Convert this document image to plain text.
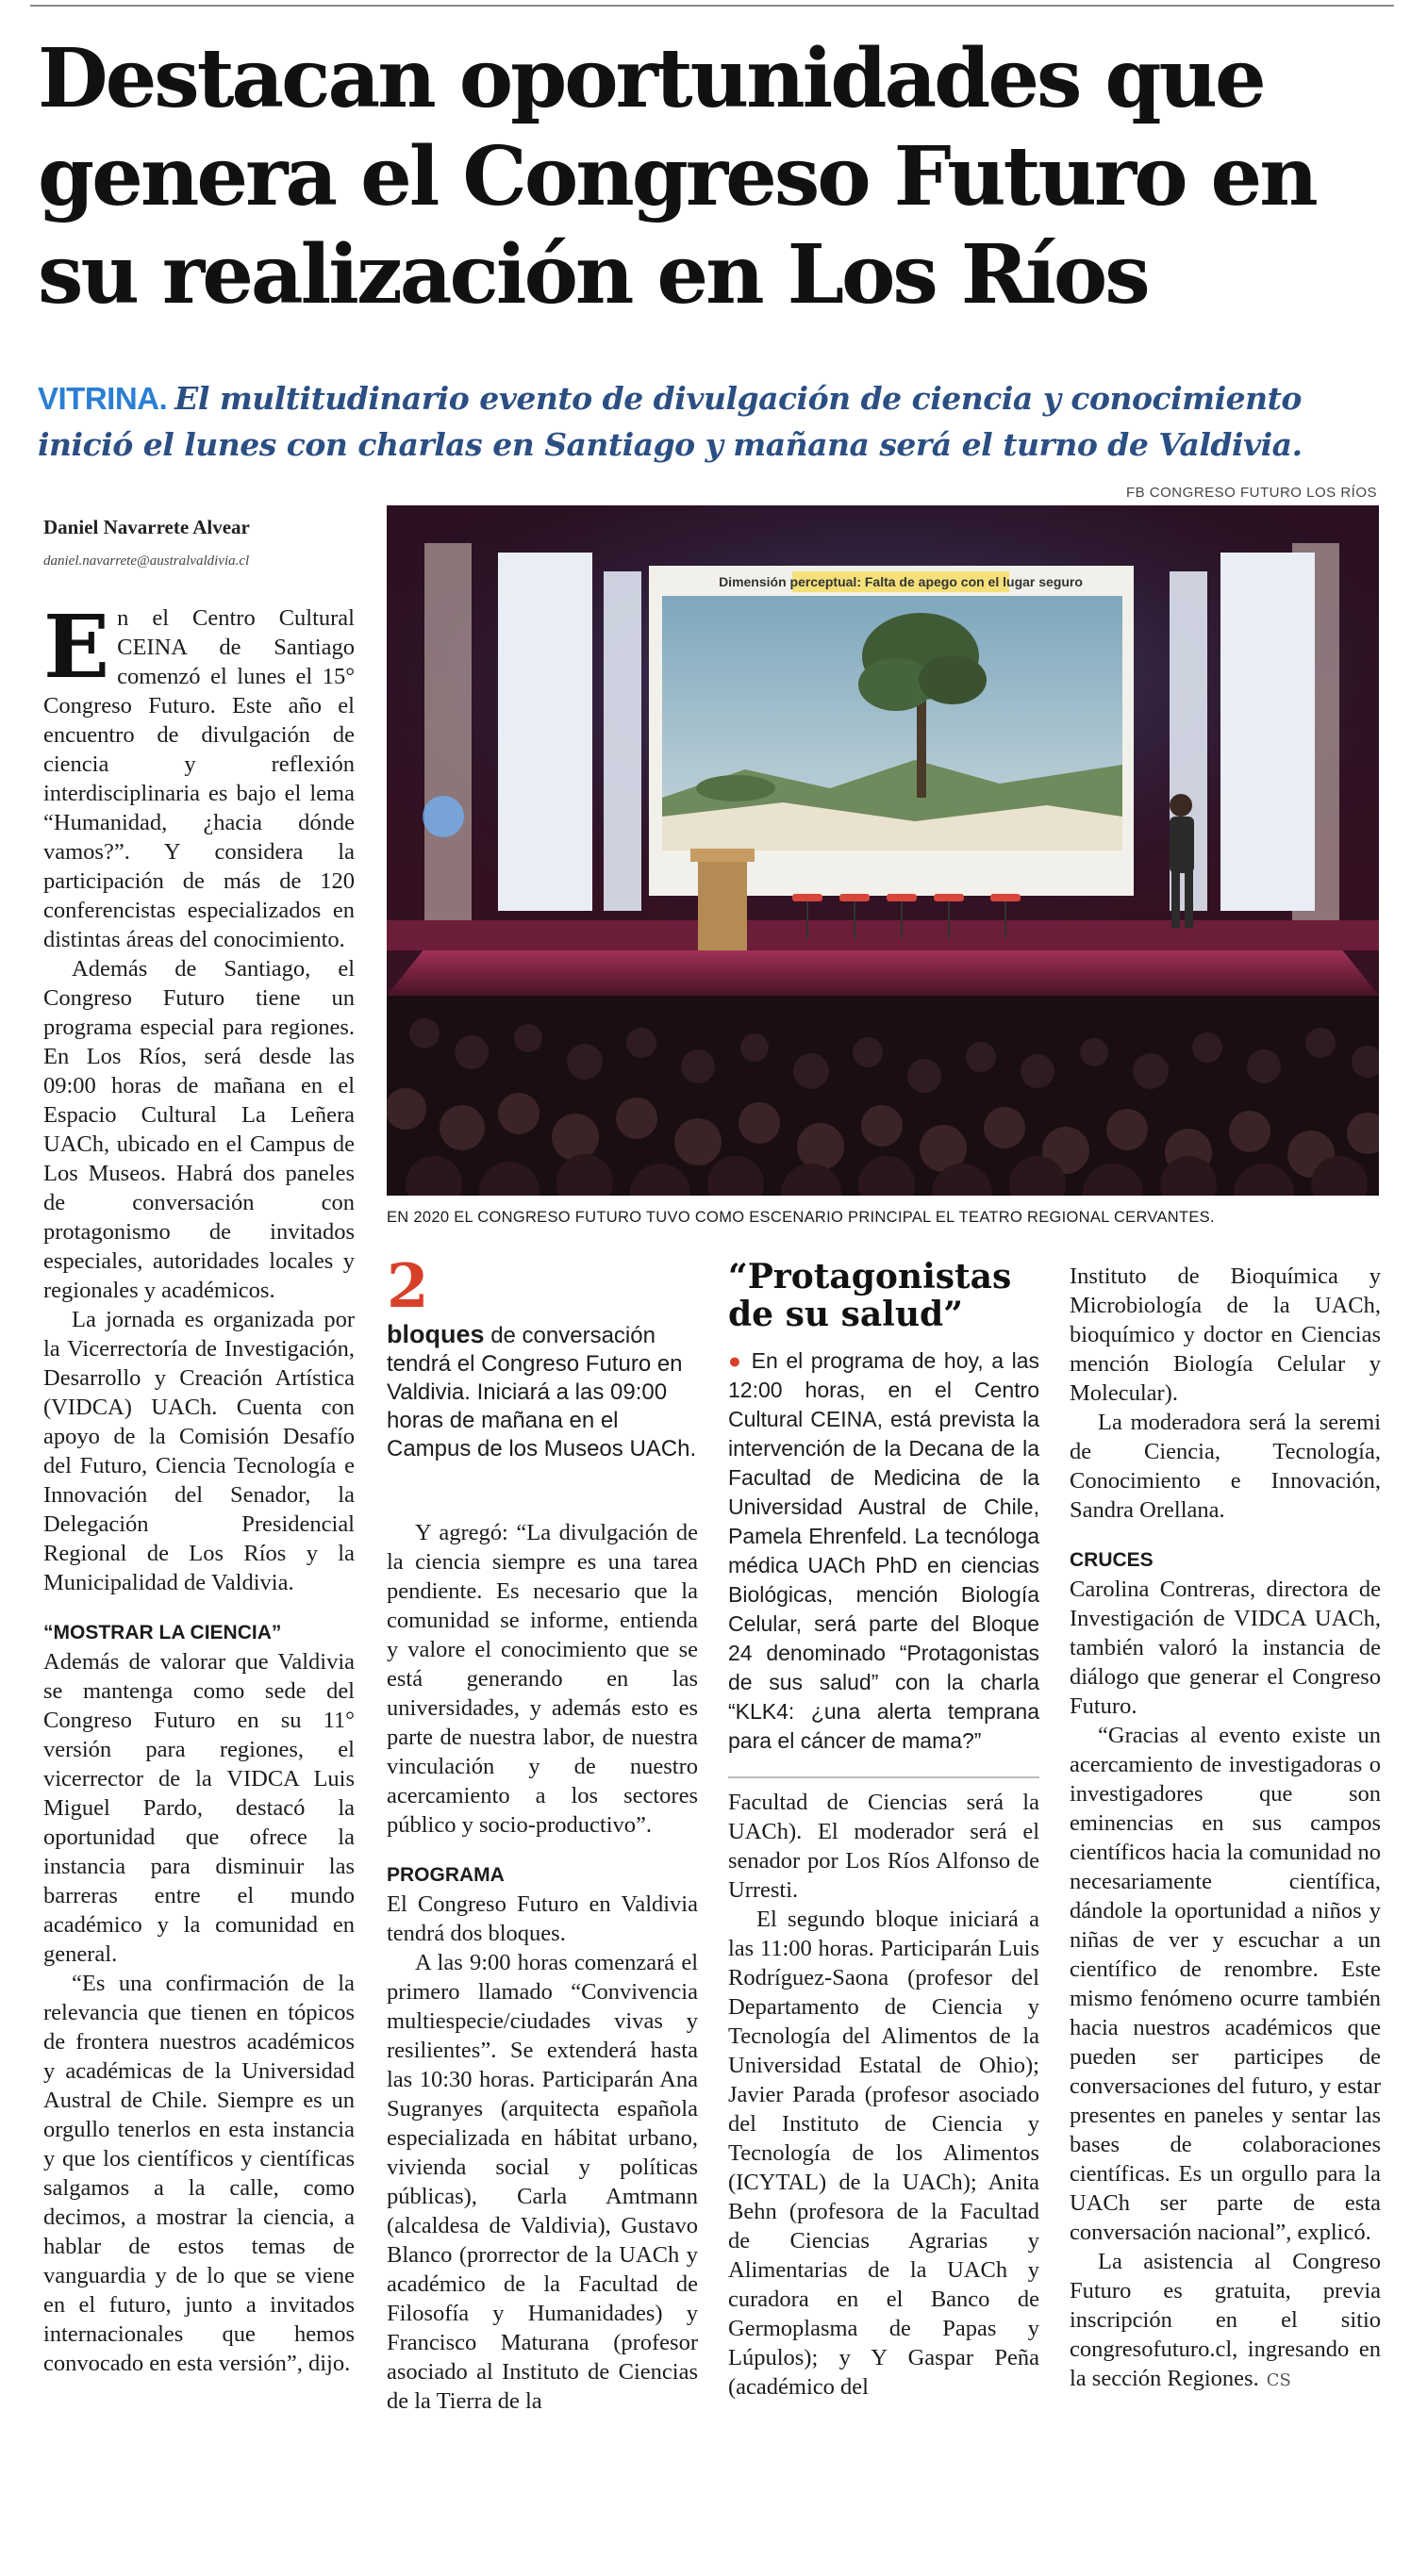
Destacan oportunidades que genera el Congreso Futuro en su realización en Los Ríos

VITRINA. El multitudinario evento de divulgación de ciencia y conocimiento inició el lunes con charlas en Santiago y mañana será el turno de Valdivia.

Daniel Navarrete Alvear
daniel.navarrete@australvaldivia.cl
FB CONGRESO FUTURO LOS RÍOS
Dimensión perceptual: Falta de apego con el lugar seguro
EN 2020 EL CONGRESO FUTURO TUVO COMO ESCENARIO PRINCIPAL EL TEATRO REGIONAL CERVANTES.

En el Centro Cultural CEINA de Santiago comenzó el lunes el 15° Congreso Futuro. Este año el encuentro de divulgación de ciencia y reflexión interdisciplinaria es bajo el lema “Humanidad, ¿hacia dónde vamos?”. Y considera la participación de más de 120 conferencistas especializados en distintas áreas del conocimiento.

Además de Santiago, el Congreso Futuro tiene un programa especial para regiones. En Los Ríos, será desde las 09:00 horas de mañana en el Espacio Cultural La Leñera UACh, ubicado en el Campus de Los Museos. Habrá dos paneles de conversación con protagonismo de invitados especiales, autoridades locales y regionales y académicos.

La jornada es organizada por la Vicerrectoría de Investigación, Desarrollo y Creación Artística (VIDCA) UACh. Cuenta con apoyo de la Comisión Desafío del Futuro, Ciencia Tecnología e Innovación del Senador, la Delegación Presidencial Regional de Los Ríos y la Municipalidad de Valdivia.

“MOSTRAR LA CIENCIA”

Además de valorar que Valdivia se mantenga como sede del Congreso Futuro en su 11° versión para regiones, el vicerrector de la VIDCA Luis Miguel Pardo, destacó la oportunidad que ofrece la instancia para disminuir las barreras entre el mundo académico y la comunidad en general.

“Es una confirmación de la relevancia que tienen en tópicos de frontera nuestros académicos y académicas de la Universidad Austral de Chile. Siempre es un orgullo tenerlos en esta instancia y que los científicos y científicas salgamos a la calle, como decimos, a mostrar la ciencia, a hablar de estos temas de vanguardia y de lo que se viene en el futuro, junto a invitados internacionales que hemos convocado en esta versión”, dijo.

2
bloques de conversación tendrá el Congreso Futuro en Valdivia. Iniciará a las 09:00 horas de mañana en el Campus de los Museos UACh.

Y agregó: “La divulgación de la ciencia siempre es una tarea pendiente. Es necesario que la comunidad se informe, entienda y valore el conocimiento que se está generando en las universidades, y además esto es parte de nuestra labor, de nuestra vinculación y de nuestro acercamiento a los sectores público y socio-productivo”.

PROGRAMA

El Congreso Futuro en Valdivia tendrá dos bloques.

A las 9:00 horas comenzará el primero llamado “Convivencia multiespecie/ciudades vivas y resilientes”. Se extenderá hasta las 10:30 horas. Participarán Ana Sugranyes (arquitecta española especializada en hábitat urbano, vivienda social y políticas públicas), Carla Amtmann (alcaldesa de Valdivia), Gustavo Blanco (prorrector de la UACh y académico de la Facultad de Filosofía y Humanidades) y Francisco Maturana (profesor asociado al Instituto de Ciencias de la Tierra de la

“Protagonistas de su salud”

● En el programa de hoy, a las 12:00 horas, en el Centro Cultural CEINA, está prevista la intervención de la Decana de la Facultad de Medicina de la Universidad Austral de Chile, Pamela Ehrenfeld. La tecnóloga médica UACh PhD en ciencias Biológicas, mención Biología Celular, será parte del Bloque 24 denominado “Protagonistas de sus salud” con la charla “KLK4: ¿una alerta temprana para el cáncer de mama?”

Facultad de Ciencias será la UACh). El moderador será el senador por Los Ríos Alfonso de Urresti.

El segundo bloque iniciará a las 11:00 horas. Participarán Luis Rodríguez-Saona (profesor del Departamento de Ciencia y Tecnología del Alimentos de la Universidad Estatal de Ohio); Javier Parada (profesor asociado del Instituto de Ciencia y Tecnología de los Alimentos (ICYTAL) de la UACh); Anita Behn (profesora de la Facultad de Ciencias Agrarias y Alimentarias de la UACh y curadora en el Banco de Germoplasma de Papas y Lúpulos); y Y Gaspar Peña (académico del

Instituto de Bioquímica y Microbiología de la UACh, bioquímico y doctor en Ciencias mención Biología Celular y Molecular).

La moderadora será la seremi de Ciencia, Tecnología, Conocimiento e Innovación, Sandra Orellana.

CRUCES

Carolina Contreras, directora de Investigación de VIDCA UACh, también valoró la instancia de diálogo que generar el Congreso Futuro.

“Gracias al evento existe un acercamiento de investigadoras o investigadores que son eminencias en sus campos científicos hacia la comunidad no necesariamente científica, dándole la oportunidad a niños y niñas de ver y escuchar a un científico de renombre. Este mismo fenómeno ocurre también hacia nuestros académicos que pueden ser participes de conversaciones del futuro, y estar presentes en paneles y sentar las bases de colaboraciones científicas. Es un orgullo para la UACh ser parte de esta conversación nacional”, explicó.

La asistencia al Congreso Futuro es gratuita, previa inscripción en el sitio congresofuturo.cl, ingresando en la sección Regiones. CS
